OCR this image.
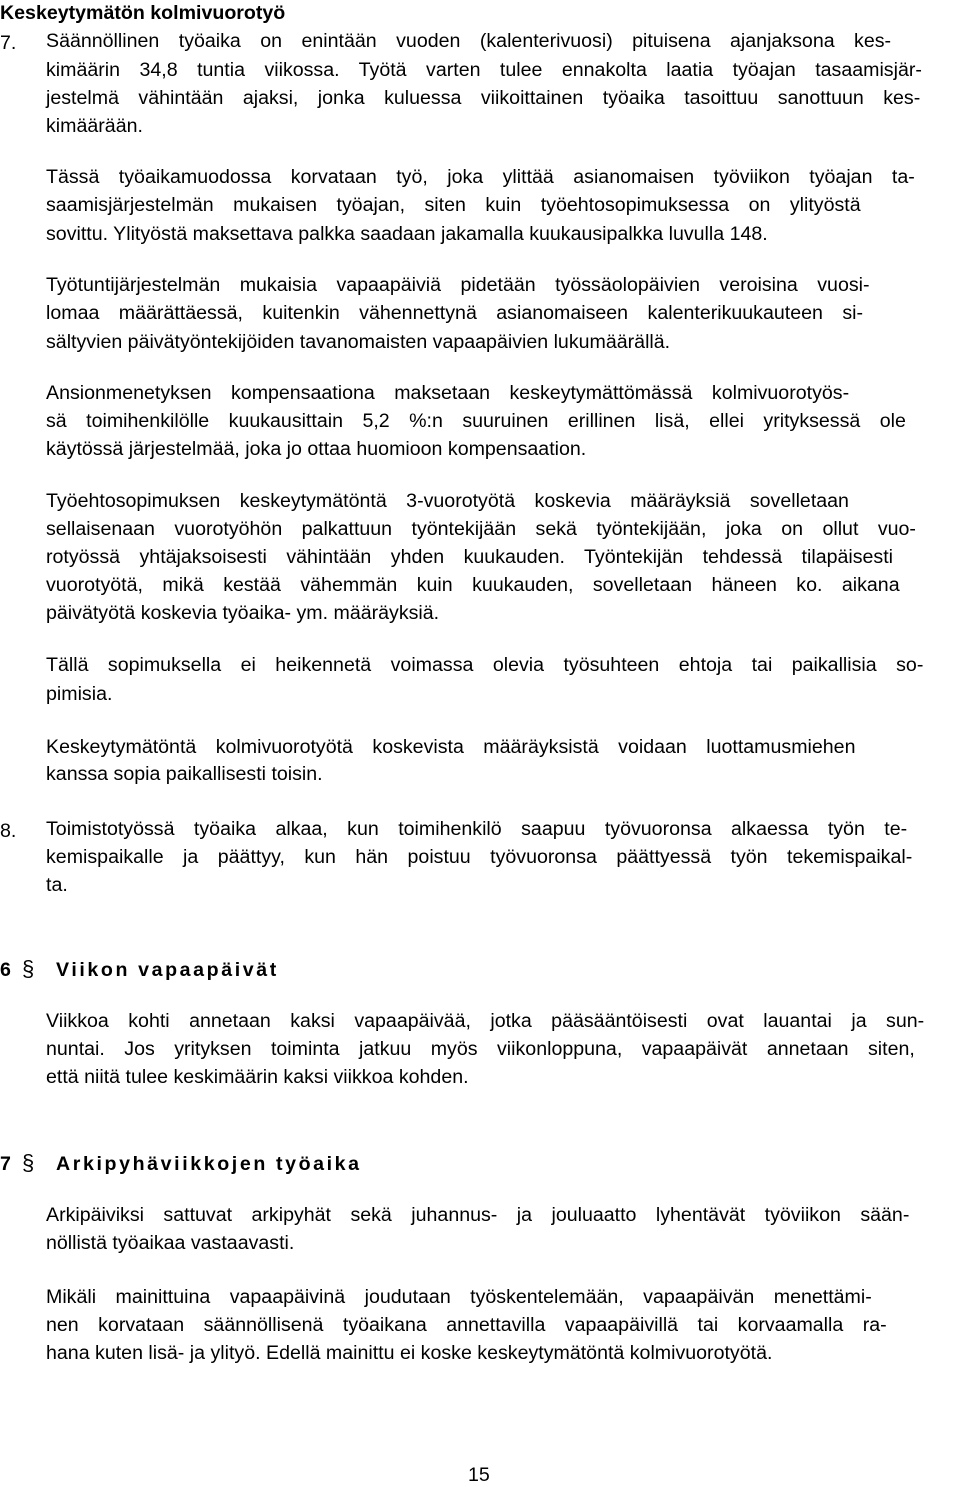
Keskeytymätön kolmivuorotyö
7. Säännöllinen työaika on enintään vuoden (kalenterivuosi) pituisena ajanjaksona kes-
kimäärin 34,8 tuntia viikossa. Työtä varten tulee ennakolta laatia työajan tasaamisjär-
jestelmä vähintään ajaksi, jonka kuluessa viikoittainen työaika tasoittuu sanottuun kes-
kimäärään.
Tässä työaikamuodossa korvataan työ, joka ylittää asianomaisen työviikon työajan ta-
saamisjärjestelmän mukaisen työajan, siten kuin työehtosopimuksessa on ylityöstä
sovittu. Ylityöstä maksettava palkka saadaan jakamalla kuukausipalkka luvulla 148.
Työtuntijärjestelmän mukaisia vapaapäiviä pidetään työssäolopäivien veroisina vuosi-
lomaa määrättäessä, kuitenkin vähennettynä asianomaiseen kalenterikuukauteen si-
sältyvien päivätyöntekijöiden tavanomaisten vapaapäivien lukumäärällä.
Ansionmenetyksen kompensaationa maksetaan keskeytymättömässä kolmivuorotyös-
sä toimihenkilölle kuukausittain 5,2 %:n suuruinen erillinen lisä, ellei yrityksessä ole
käytössä järjestelmää, joka jo ottaa huomioon kompensaation.
Työehtosopimuksen keskeytymätöntä 3-vuorotyötä koskevia määräyksiä sovelletaan
sellaisenaan vuorotyöhön palkattuun työntekijään sekä työntekijään, joka on ollut vuo-
rotyössä yhtäjaksoisesti vähintään yhden kuukauden. Työntekijän tehdessä tilapäisesti
vuorotyötä, mikä kestää vähemmän kuin kuukauden, sovelletaan häneen ko. aikana
päivätyötä koskevia työaika- ym. määräyksiä.
Tällä sopimuksella ei heikennetä voimassa olevia työsuhteen ehtoja tai paikallisia so-
pimisia.
Keskeytymätöntä kolmivuorotyötä koskevista määräyksistä voidaan luottamusmiehen
kanssa sopia paikallisesti toisin.
8. Toimistotyössä työaika alkaa, kun toimihenkilö saapuu työvuoronsa alkaessa työn te-
kemispaikalle ja päättyy, kun hän poistuu työvuoronsa päättyessä työn tekemispaikal-
ta.
6 §	Viikon vapaapäivät
Viikkoa kohti annetaan kaksi vapaapäivää, jotka pääsääntöisesti ovat lauantai ja sun-
nuntai. Jos yrityksen toiminta jatkuu myös viikonloppuna, vapaapäivät annetaan siten,
että niitä tulee keskimäärin kaksi viikkoa kohden.
7 §	Arkipyhäviikkojen työaika
Arkipäiviksi sattuvat arkipyhät sekä juhannus- ja jouluaatto lyhentävät työviikon sään-
nöllistä työaikaa vastaavasti.
Mikäli mainittuina vapaapäivinä joudutaan työskentelemään, vapaapäivän menettämi-
nen korvataan säännöllisenä työaikana annettavilla vapaapäivillä tai korvaamalla ra-
hana kuten lisä- ja ylityö. Edellä mainittu ei koske keskeytymätöntä kolmivuorotyötä.
15
